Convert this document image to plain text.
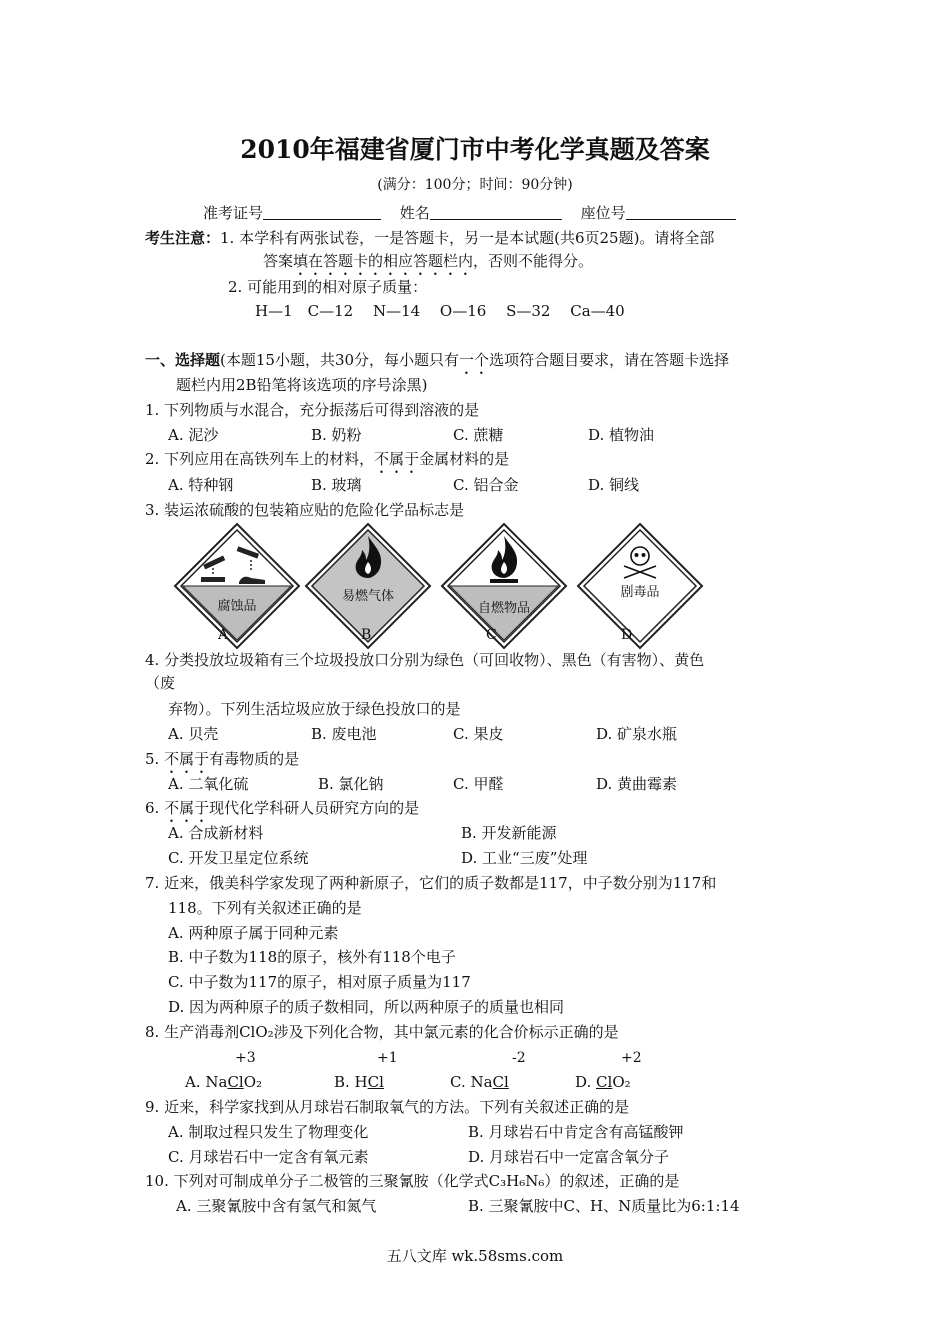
2010年福建省厦门市中考化学真题及答案
(满分：100分；时间：90分钟)
准考证号	姓名	座位号
考生注意：1. 本学科有两张试卷，一是答题卡，另一是本试题(共6页25题)。请将全部
答案填在答题卡的相应答题栏内，否则不能得分。
2. 可能用到的相对原子质量：
H—1　C—12　 N—14　 O—16　 S—32　 Ca—40
一、选择题(本题15小题，共30分，每小题只有一个选项符合题目要求，请在答题卡选择
题栏内用2B铅笔将该选项的序号涂黑)
1. 下列物质与水混合，充分振荡后可得到溶液的是
A. 泥沙	B. 奶粉	C. 蔗糖	D. 植物油
2. 下列应用在高铁列车上的材料，不属于金属材料的是
A. 特种钢	B. 玻璃	C. 铝合金	D. 铜线
3. 装运浓硫酸的包装箱应贴的危险化学品标志是
腐蚀品
A
易燃气体
B
自燃物品
C
剧毒品
D
4. 分类投放垃圾箱有三个垃圾投放口分别为绿色（可回收物）、黑色（有害物）、黄色
（废
弃物）。下列生活垃圾应放于绿色投放口的是
A. 贝壳	B. 废电池	C. 果皮	D. 矿泉水瓶
5. 不属于有毒物质的是
A. 二氧化硫	B. 氯化钠	C. 甲醛	D. 黄曲霉素
6. 不属于现代化学科研人员研究方向的是
A. 合成新材料	B. 开发新能源
C. 开发卫星定位系统	D. 工业“三废”处理
7. 近来，俄美科学家发现了两种新原子，它们的质子数都是117，中子数分别为117和
118。下列有关叙述正确的是
A. 两种原子属于同种元素
B. 中子数为118的原子，核外有118个电子
C. 中子数为117的原子，相对原子质量为117
D. 因为两种原子的质子数相同，所以两种原子的质量也相同
8. 生产消毒剂ClO₂涉及下列化合物，其中氯元素的化合价标示正确的是
+3	+1	-2	+2
A. NaClO₂	B. HCl	C. NaCl	D. ClO₂
9. 近来，科学家找到从月球岩石制取氧气的方法。下列有关叙述正确的是
A. 制取过程只发生了物理变化	B. 月球岩石中肯定含有高锰酸钾
C. 月球岩石中一定含有氧元素	D. 月球岩石中一定富含氧分子
10. 下列对可制成单分子二极管的三聚氰胺（化学式C₃H₆N₆）的叙述，正确的是
A. 三聚氰胺中含有氢气和氮气	B. 三聚氰胺中C、H、N质量比为6:1:14
五八文库 wk.58sms.com
